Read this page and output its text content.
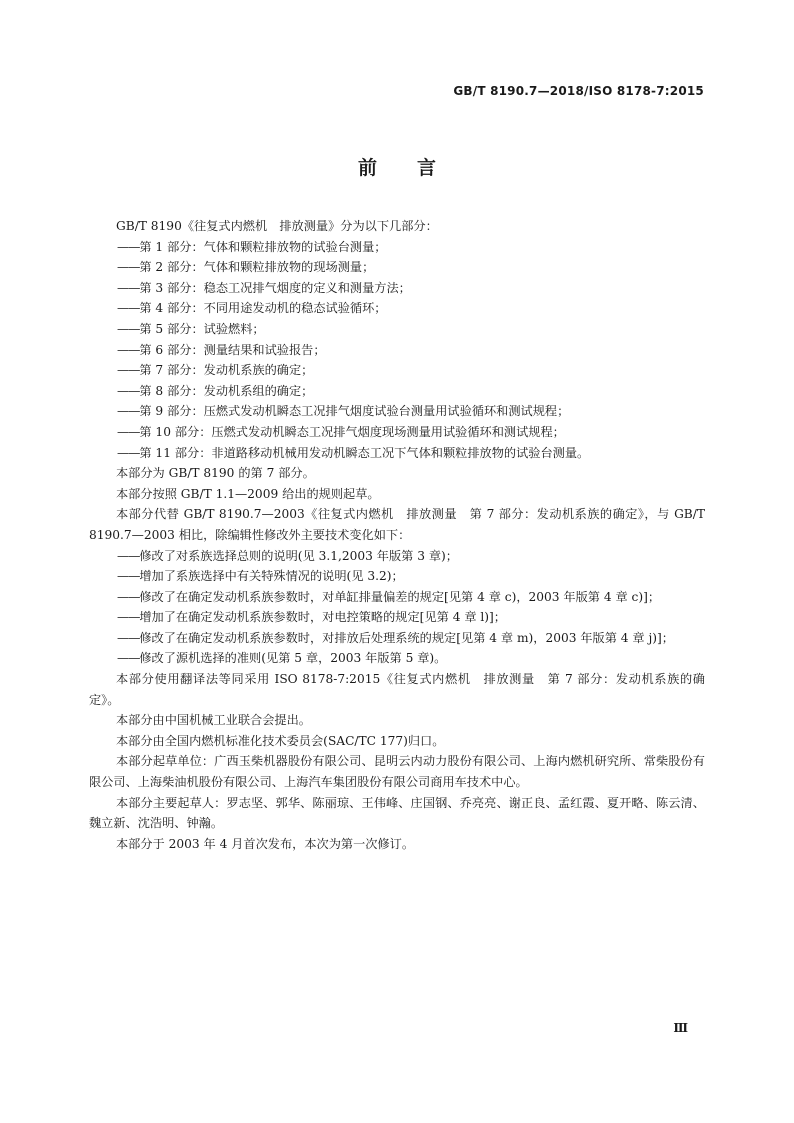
GB/T 8190.7—2018/ISO 8178-7:2015
前言
GB/T 8190《往复式内燃机　排放测量》分为以下几部分：
——第 1 部分：气体和颗粒排放物的试验台测量；
——第 2 部分：气体和颗粒排放物的现场测量；
——第 3 部分：稳态工况排气烟度的定义和测量方法；
——第 4 部分：不同用途发动机的稳态试验循环；
——第 5 部分：试验燃料；
——第 6 部分：测量结果和试验报告；
——第 7 部分：发动机系族的确定；
——第 8 部分：发动机系组的确定；
——第 9 部分：压燃式发动机瞬态工况排气烟度试验台测量用试验循环和测试规程；
——第 10 部分：压燃式发动机瞬态工况排气烟度现场测量用试验循环和测试规程；
——第 11 部分：非道路移动机械用发动机瞬态工况下气体和颗粒排放物的试验台测量。
本部分为 GB/T 8190 的第 7 部分。
本部分按照 GB/T 1.1—2009 给出的规则起草。
本部分代替 GB/T 8190.7—2003《往复式内燃机　排放测量　第 7 部分：发动机系族的确定》，与 GB/T 8190.7—2003 相比，除编辑性修改外主要技术变化如下：
——修改了对系族选择总则的说明(见 3.1,2003 年版第 3 章)；
——增加了系族选择中有关特殊情况的说明(见 3.2)；
——修改了在确定发动机系族参数时，对单缸排量偏差的规定[见第 4 章 c)，2003 年版第 4 章 c)]；
——增加了在确定发动机系族参数时，对电控策略的规定[见第 4 章 l)]；
——修改了在确定发动机系族参数时，对排放后处理系统的规定[见第 4 章 m)，2003 年版第 4 章 j)]；
——修改了源机选择的准则(见第 5 章，2003 年版第 5 章)。
本部分使用翻译法等同采用 ISO 8178-7:2015《往复式内燃机　排放测量　第 7 部分：发动机系族的确定》。
本部分由中国机械工业联合会提出。
本部分由全国内燃机标准化技术委员会(SAC/TC 177)归口。
本部分起草单位：广西玉柴机器股份有限公司、昆明云内动力股份有限公司、上海内燃机研究所、常柴股份有限公司、上海柴油机股份有限公司、上海汽车集团股份有限公司商用车技术中心。
本部分主要起草人：罗志坚、郭华、陈丽琼、王伟峰、庄国钢、乔亮亮、谢正良、孟红霞、夏开略、陈云清、魏立新、沈浩明、钟瀚。
本部分于 2003 年 4 月首次发布，本次为第一次修订。
Ⅲ
